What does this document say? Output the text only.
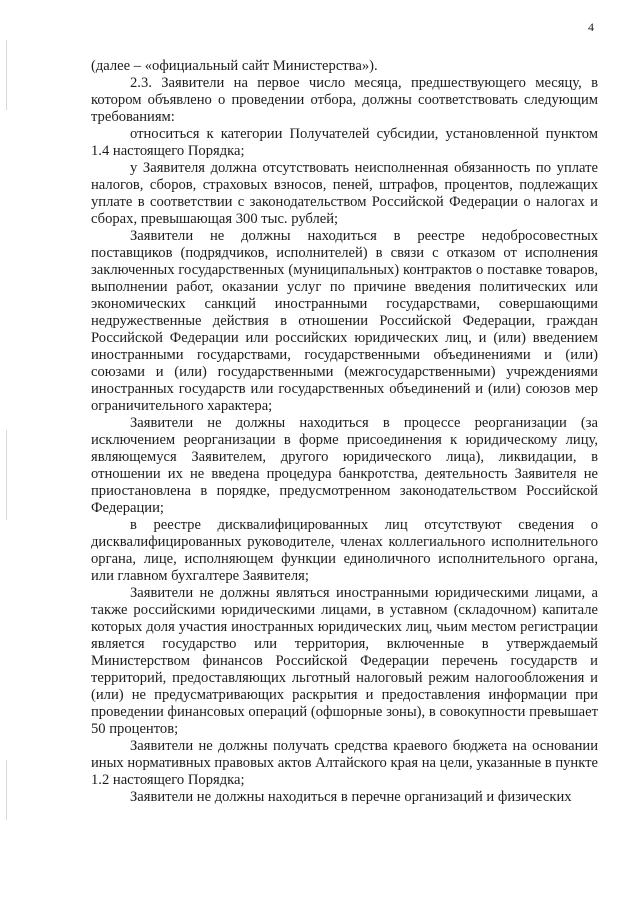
4

(далее – «официальный сайт Министерства»).

2.3. Заявители на первое число месяца, предшествующего месяцу, в котором объявлено о проведении отбора, должны соответствовать следующим требованиям:

относиться к категории Получателей субсидии, установленной пунктом 1.4 настоящего Порядка;

у Заявителя должна отсутствовать неисполненная обязанность по уплате налогов, сборов, страховых взносов, пеней, штрафов, процентов, подлежащих уплате в соответствии с законодательством Российской Федерации о налогах и сборах, превышающая 300 тыс. рублей;

Заявители не должны находиться в реестре недобросовестных поставщиков (подрядчиков, исполнителей) в связи с отказом от исполнения заключенных государственных (муниципальных) контрактов о поставке товаров, выполнении работ, оказании услуг по причине введения политических или экономических санкций иностранными государствами, совершающими недружественные действия в отношении Российской Федерации, граждан Российской Федерации или российских юридических лиц, и (или) введением иностранными государствами, государственными объединениями и (или) союзами и (или) государственными (межгосударственными) учреждениями иностранных государств или государственных объединений и (или) союзов мер ограничительного характера;

Заявители не должны находиться в процессе реорганизации (за исключением реорганизации в форме присоединения к юридическому лицу, являющемуся Заявителем, другого юридического лица), ликвидации, в отношении их не введена процедура банкротства, деятельность Заявителя не приостановлена в порядке, предусмотренном законодательством Российской Федерации;

в реестре дисквалифицированных лиц отсутствуют сведения о дисквалифицированных руководителе, членах коллегиального исполнительного органа, лице, исполняющем функции единоличного исполнительного органа, или главном бухгалтере Заявителя;

Заявители не должны являться иностранными юридическими лицами, а также российскими юридическими лицами, в уставном (складочном) капитале которых доля участия иностранных юридических лиц, чьим местом регистрации является государство или территория, включенные в утверждаемый Министерством финансов Российской Федерации перечень государств и территорий, предоставляющих льготный налоговый режим налогообложения и (или) не предусматривающих раскрытия и предоставления информации при проведении финансовых операций (офшорные зоны), в совокупности превышает 50 процентов;

Заявители не должны получать средства краевого бюджета на основании иных нормативных правовых актов Алтайского края на цели, указанные в пункте 1.2 настоящего Порядка;

Заявители не должны находиться в перечне организаций и физических
